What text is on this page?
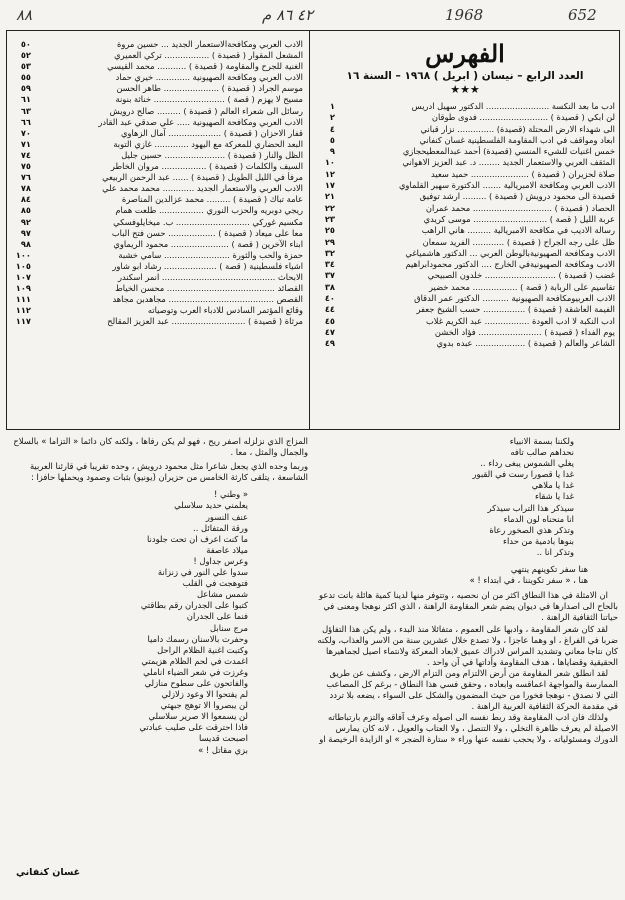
٨٨	٤٢ ٨٦ م	1968	652
الفهرس
العدد الرابع – نيسان ( ابريل ) ١٩٦٨ – السنة ١٦
★★★
١	ادب ما بعد النكسة ........................ الدكتور سهيل ادريس
٢	لن ابكي ( قصيدة ) .......................... فدوى طوقان
٤	الى شهداء الارض المحتلة (قصيدة) .............. نزار قباني
٥	ابعاد ومواقف في ادب المقاومة الفلسطينية غسان كنفاني
٩	خمس اغنيات للشيء المنسي (قصيدة) أحمد عبدالمعطيحجازي
١٠	المثقف العربي والاستعمار الجديد ........ د. عبد العزيز الاهواني
١٢	صلاة لحزيران ( قصيدة ) ...................... حميد سعيد
١٧	الادب العربي ومكافحة الامبريالية ....... الدكتورة سهير القلماوي
٢١	قصيدة الى محمود درويش ( قصيدة ) ......... ارشد توفيق
٢٢	الحصاد ( قصيدة ) .............................. محمد عمران
٢٣	عربة الليل ( قصة ) ............................ موسى كريدي
٢٥	رسالة الاديب في مكافحة الامبريالية ......... هاني الراهب
٢٩	ظل على رجه الجراح ( قصيدة ) ............ الفريد سمعان
٣٢	الادب ومكافحة الصهيونيةبالوطن العربي ... الدكتور هاشمياغي
٣٤	الادب ومكافحة الصهيونيةفي الخارج .... الدكتور محمودابراهيم
٣٧	غضب ( قصيدة ) ........................... خلدون الصبيحي
٣٨	تقاسيم على الربابة ( قصة ) ................. محمد خضير
٤٠	الادب العربيومكافحة الصهيونية .......... الدكتور عمر الدقاق
٤٤	الفيمة العاشقة ( قصيدة ) ................ حسب الشيخ جعفر
٤٥	ادب النكبة لا ادب العودة ................. عبد الكريم غلاب
٤٧	يوم الفداء ( قصيدة ) ........................ فؤاد الخشن
٤٩	الشاعر والعالم ( قصيدة ) ................... عبده بدوي
٥٠	الادب العربي ومكافحةالاستعمار الجديد ... حسين مروة
٥٢	المشعل المقوار ( قصيدة ) ................. تركي العميري
٥٣	الغنية للجرح والمقاومة ( قصيدة ) ........... محمد القيسي
٥٥	الادب العربي ومكافحة الصهيونية ............. خيري حماد
٥٩	موسم الجراد ( قصيدة ) ..................... طاهر الحسن
٦١	مسيح لا يهزم ( قصة ) ........................... خناثة بنونة
٦٣	رسائل الى شعراء العالم ( قصيدة ) ......... صالح درويش
٦٦	الادب العربي ومكافحة الصهيونية ..... علي صدقي عبد القادر
٧٠	قفار الاحزان ( قصيدة ) .................... آمال الزهاوي
٧١	البعد الحضاري للمعركة مع اليهود ............. غازي التوبة
٧٤	الظل والنار ( قصيدة ) ....................... حسين جليل
٧٥	السيف والكلمات ( قصيدة ) ................. مروان الخاطر
٧٦	مرفأ في الليل الطويل ( قصيدة ) ...... عبد الرحمن الربيعي
٧٨	الادب العربي والاستعمار الجديد ............ محمد محمد علي
٨٤	عامة تباك ( قصيدة ) ......... محمد عزالدين المناصرة
٨٥	ريجي دوبريه والحزب النوري ................. طلعت همام
٩٢	مكسيم غوركي ............................ ب. ميخايلوفسكي
٩٧	معا على ميعاد ( قصيدة ) .................. حسن فتح الباب
٩٨	ابناء الآخرين ( قصة ) ...................... محمود الريماوي
١٠٠	حمزة والحب والثورة ......................... سامي خشبة
١٠٥	اشياء فلسطينية ( قصة ) .................... رشاد ابو شاور
١٠٧	الابحاث ........................................... انمر اسكندر
١٠٩	القصائد ......................................... محسن الخياط
١١١	القصص ........................................ مجاهدبن مجاهد
١١٢	وقائع المؤتمر السادس للادباء العرب وتوصياته
١١٧	مرثاة ( قصيدة ) ............................ عبد العزيز المقالح
ولكننا بسمة الانبياء
نحداهم صالب تافه
يغلي الشموس يبغى رداء ..
غدا يا قصورا رست في القبور
غدا يا ملاهي
غدا يا شقاء
سيذكر هذا التراب سيذكر
انا منحناه لون الدماء
وتذكر هذي الصخور رعاة
بنوها بادمية من حداء
وتذكر انا ..

هنا سفر تكوينهم ينتهي

هنا ، « سفر تكويننا ، في ابتداء ! »

ان الامثلة في هذا النطاق اكثر من ان نحصيه ، وتتوفر منها لدينا كمية هائلة باتت تدعو بالحاح الى اصدارها في ديوان يضم شعر المقاومة الراهنة ، الذي اكثر نوهجا ومعنى في حياتنا الثقافية الراهنة .

لقد كان شعر المقاومة ، وادبها على العموم ، متفائلا منذ البدء ، ولم يكن هذا التفاؤل ضربا في الفراغ ، او وهما عاجزا ، ولا تصدع خلال عشرين سنة من الاسر والعذاب، ولكنه كان نتاجا معاني وتشديد المراس لادراك عميق لابعاد المعركة ولانتماء اصيل لجماهيرها الحقيقية وقضاياها ، هدف المقاومة وأداتها في آن واحد .

لقد انطلق شعر المقاومة من أرض الالتزام ومن التزام الارض ، وكشف عن طريق الممارسة والمواجهة اعماقسه وابعاده ، وحقق فسي هذا النطاق - برغم كل المصاعب التي لا نصدق - نوهجا فخورا من حيث المضمون والشكل على السواء ، يضعه بلا تردد في مقدمة الحركة الثقافية العربية الراهنة .

ولذلك فان ادب المقاومة وقد ربط نفسه الى اصوله وعرف آفاقه والتزم بارتباطاته الاصيلة لم يعرف ظاهرة التخلي ، ولا التنصل ، ولا العتاب والعويل ، لانه كان يمارس الدورك ومسئولياته ، ولا يحجب نفسه عنها وراء « ستارة الضجر » او الزايدة الرخيصة او

المزاج الذي نزلزله اصفر ريح ، فهو لم يكن رفاها ، ولكنه كان دائما « التزاما » بالسلاح والجمال والمثل ، معا .

وربما وحده الذي يجعل شاعرا مثل محمود درويش ، وحده تقريبا في قارئنا العربية الشاسعة ، يتلقى كارثة الخامس من حزيران (يونيو) بثبات وصمود ويحملها حافزا :

« وطني !
يعلمني حديد سلاسلي
عنف النسور
ورقة المتفائل ..
ما كنت اعرف ان تحت جلودنا
ميلاد عاصفة
وعرس جداول !
سدوا علي النور في زنزانة
فتوهجت في القلب
شمس مشاعل
كتبوا على الجدران رقم بطاقتي
فنما على الجدران
مرج سنابل
وحفرت بالاسنان رسمك داميا
وكتبت اغنية الظلام الراحل
اغمدت في لحم الظلام هزيمتي
وغرزت في شعر الضياء اناملي
والفاتحون على سطوح منازلي
لم يفتحوا الا وعود زلازلي
لن يبصروا الا توهج جبهتي
لن يسمعوا الا صرير سلاسلي
فاذا احترقت على صليب عبادتي
اصبحت قديسا
بزي مقاتل ! »
غسان كنفاني
